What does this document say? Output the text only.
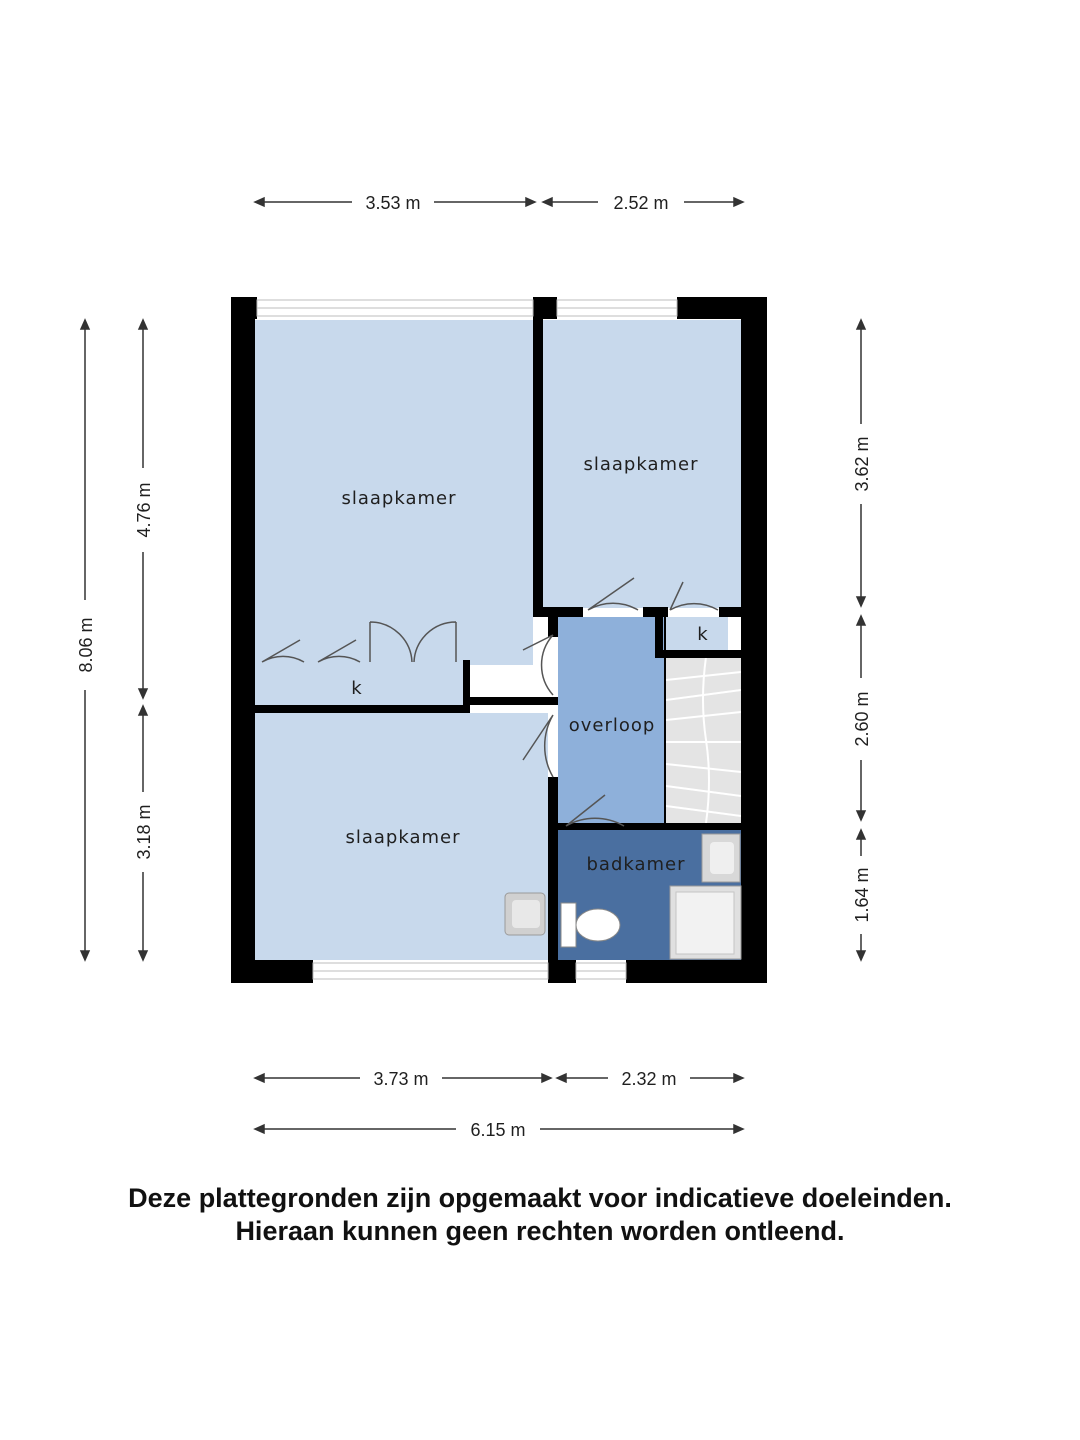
slaapkamer
slaapkamer
slaapkamer
overloop
badkamer
k
k
3.53 m	2.52 m
3.73 m	2.32 m
6.15 m
8.06 m
4.76 m
3.18 m
3.62 m
2.60 m
1.64 m
Deze plattegronden zijn opgemaakt voor indicatieve doeleinden.
Hieraan kunnen geen rechten worden ontleend.
